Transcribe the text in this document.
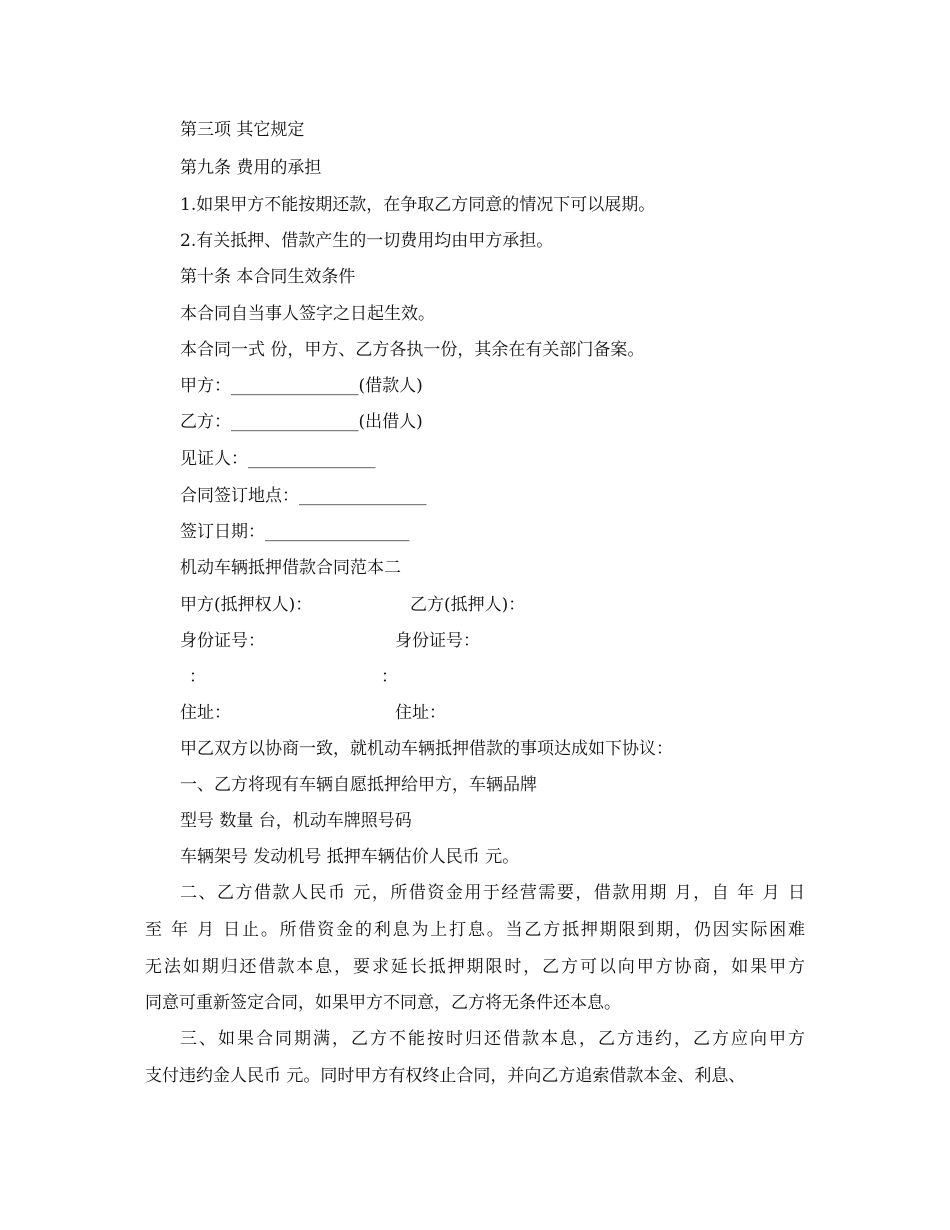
第三项 其它规定
第九条 费用的承担
1.如果甲方不能按期还款，在争取乙方同意的情况下可以展期。
2.有关抵押、借款产生的一切费用均由甲方承担。
第十条 本合同生效条件
本合同自当事人签字之日起生效。
本合同一式 份，甲方、乙方各执一份，其余在有关部门备案。
甲方：_______________(借款人)
乙方：_______________(出借人)
见证人：_______________
合同签订地点：_______________
签订日期：_________________
机动车辆抵押借款合同范本二
甲方(抵押权人)：	乙方(抵押人)：
身份证号：	身份证号：
：	：
住址：	住址：
甲乙双方以协商一致，就机动车辆抵押借款的事项达成如下协议：
一、乙方将现有车辆自愿抵押给甲方，车辆品牌
型号 数量 台，机动车牌照号码
车辆架号 发动机号 抵押车辆估价人民币 元。
二、乙方借款人民币 元，所借资金用于经营需要，借款用期 月，自 年 月 日
至 年 月 日止。所借资金的利息为上打息。当乙方抵押期限到期，仍因实际困难
无法如期归还借款本息，要求延长抵押期限时，乙方可以向甲方协商，如果甲方
同意可重新签定合同，如果甲方不同意，乙方将无条件还本息。
三、如果合同期满，乙方不能按时归还借款本息，乙方违约，乙方应向甲方
支付违约金人民币 元。同时甲方有权终止合同，并向乙方追索借款本金、利息、
